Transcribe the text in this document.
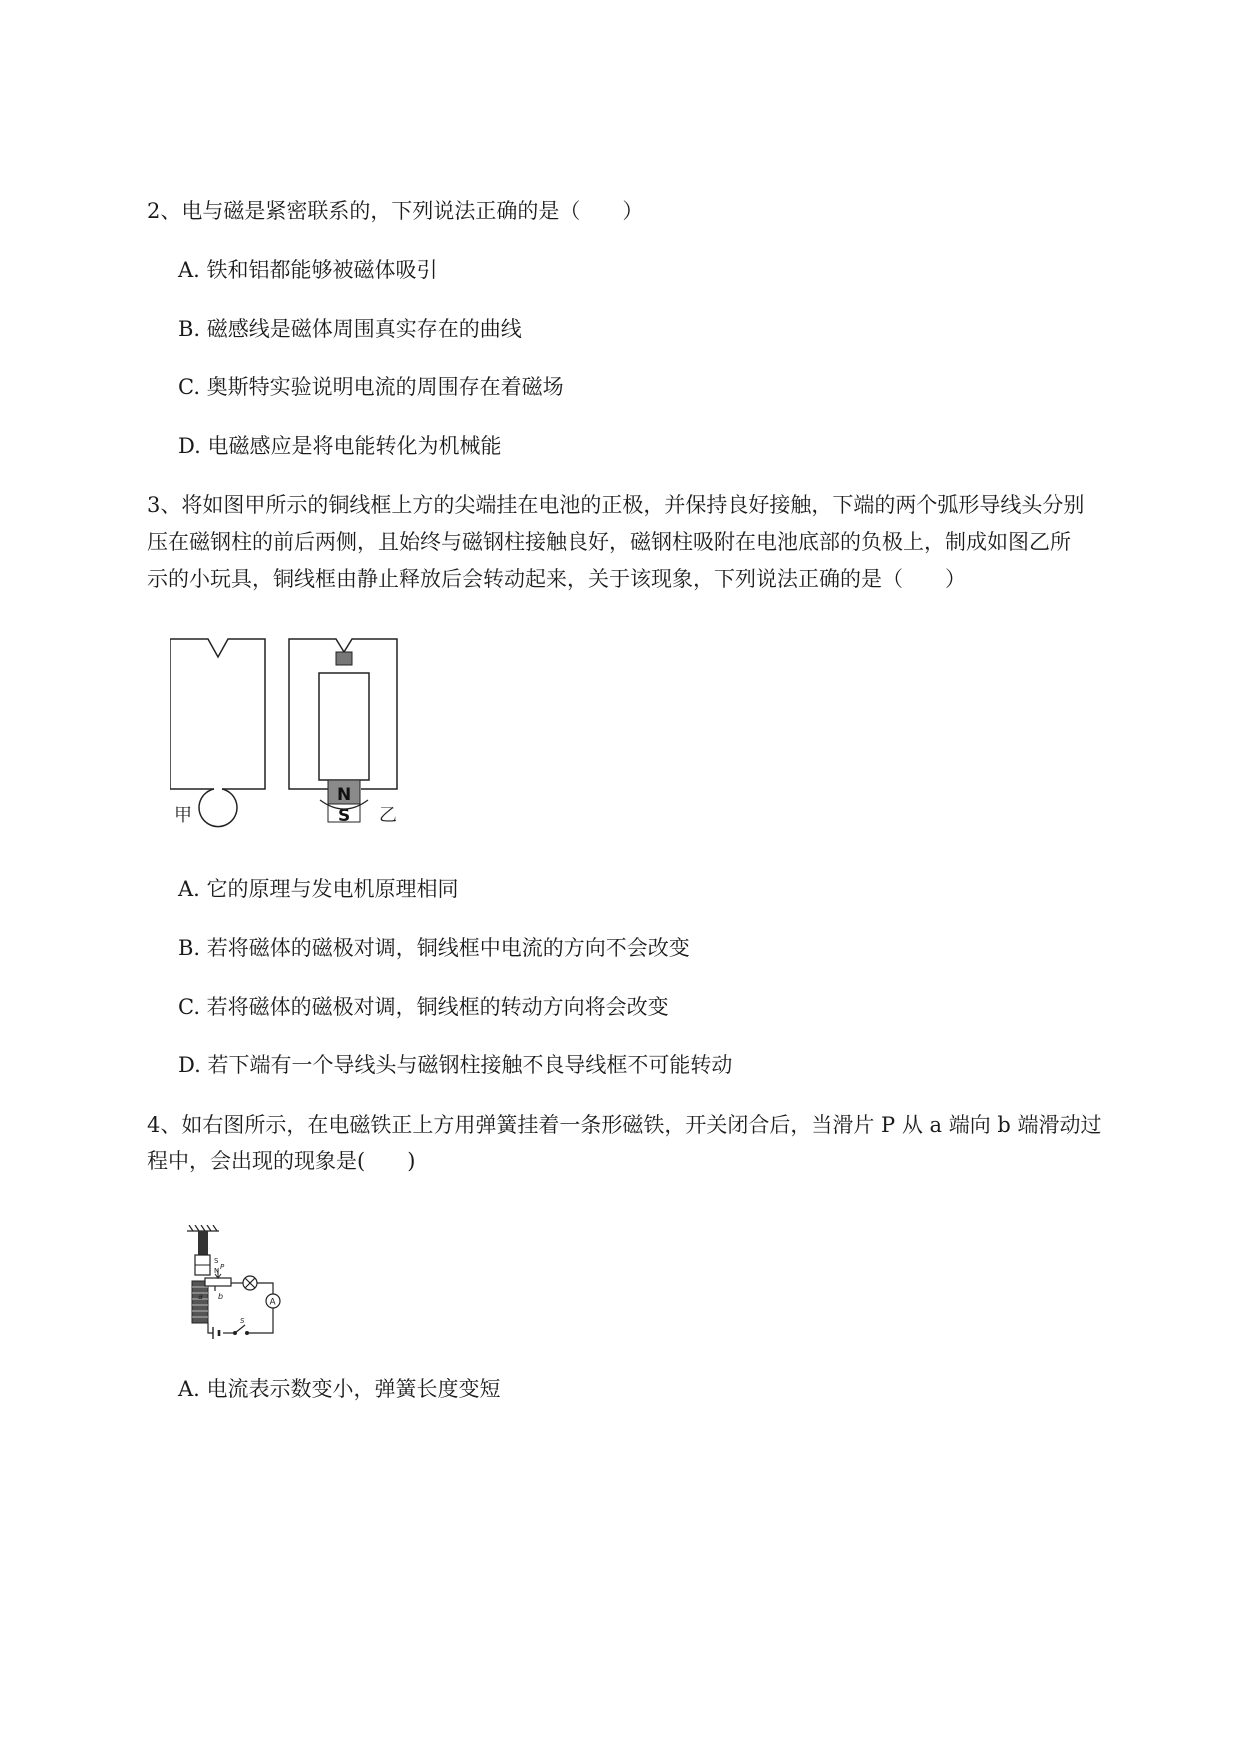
2、电与磁是紧密联系的，下列说法正确的是（　　）
A. 铁和铝都能够被磁体吸引
B. 磁感线是磁体周围真实存在的曲线
C. 奥斯特实验说明电流的周围存在着磁场
D. 电磁感应是将电能转化为机械能
3、将如图甲所示的铜线框上方的尖端挂在电池的正极，并保持良好接触，下端的两个弧形导线头分别
压在磁钢柱的前后两侧，且始终与磁钢柱接触良好，磁钢柱吸附在电池底部的负极上，制成如图乙所
示的小玩具，铜线框由静止释放后会转动起来，关于该现象，下列说法正确的是（　　）
甲
N
S 乙
A. 它的原理与发电机原理相同
B. 若将磁体的磁极对调，铜线框中电流的方向不会改变
C. 若将磁体的磁极对调，铜线框的转动方向将会改变
D. 若下端有一个导线头与磁钢柱接触不良导线框不可能转动
4、如右图所示，在电磁铁正上方用弹簧挂着一条形磁铁，开关闭合后，当滑片 P 从 a 端向 b 端滑动过
程中，会出现的现象是(　　)
S
N P
a b
A
S
A. 电流表示数变小，弹簧长度变短
